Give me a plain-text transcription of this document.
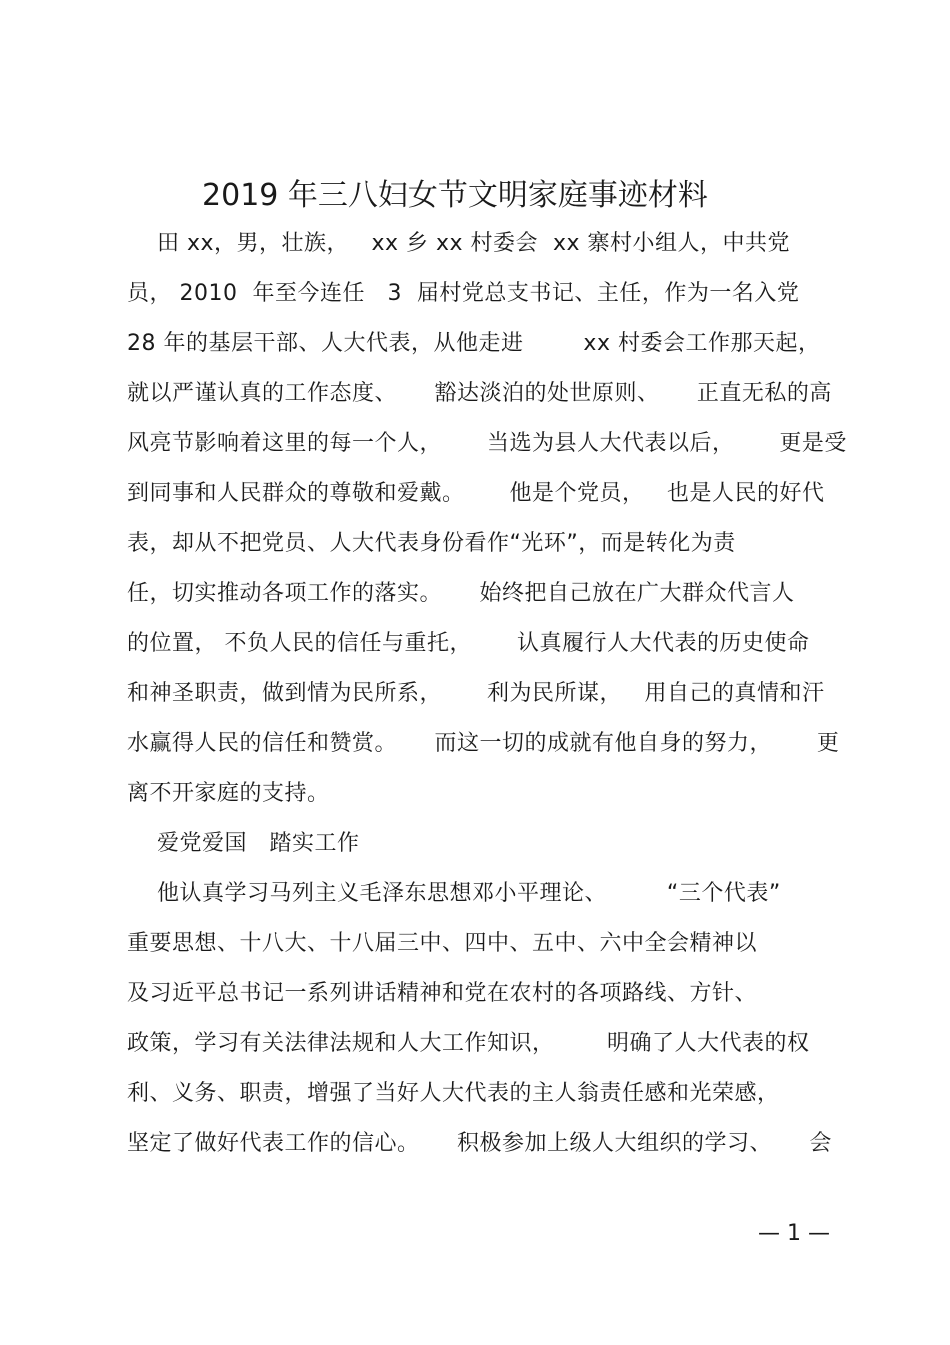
2019 年三八妇女节文明家庭事迹材料
田 xx，男，壮族，   xx 乡 xx 村委会  xx 寨村小组人，中共党
员， 2010  年至今连任   3  届村党总支书记、主任，作为一名入党
28 年的基层干部、人大代表，从他走进        xx 村委会工作那天起，
就以严谨认真的工作态度、     豁达淡泊的处世原则、     正直无私的高
风亮节影响着这里的每一个人，      当选为县人大代表以后，      更是受
到同事和人民群众的尊敬和爱戴。      他是个党员，   也是人民的好代
表，却从不把党员、人大代表身份看作“光环”，而是转化为责
任，切实推动各项工作的落实。     始终把自己放在广大群众代言人
的位置， 不负人民的信任与重托，      认真履行人大代表的历史使命
和神圣职责，做到情为民所系，      利为民所谋，   用自己的真情和汗
水赢得人民的信任和赞赏。     而这一切的成就有他自身的努力，      更
离不开家庭的支持。
爱党爱国   踏实工作
他认真学习马列主义毛泽东思想邓小平理论、        “三个代表”
重要思想、十八大、十八届三中、四中、五中、六中全会精神以
及习近平总书记一系列讲话精神和党在农村的各项路线、方针、
政策，学习有关法律法规和人大工作知识，       明确了人大代表的权
利、义务、职责，增强了当好人大代表的主人翁责任感和光荣感，
坚定了做好代表工作的信心。     积极参加上级人大组织的学习、     会
— 1 —
